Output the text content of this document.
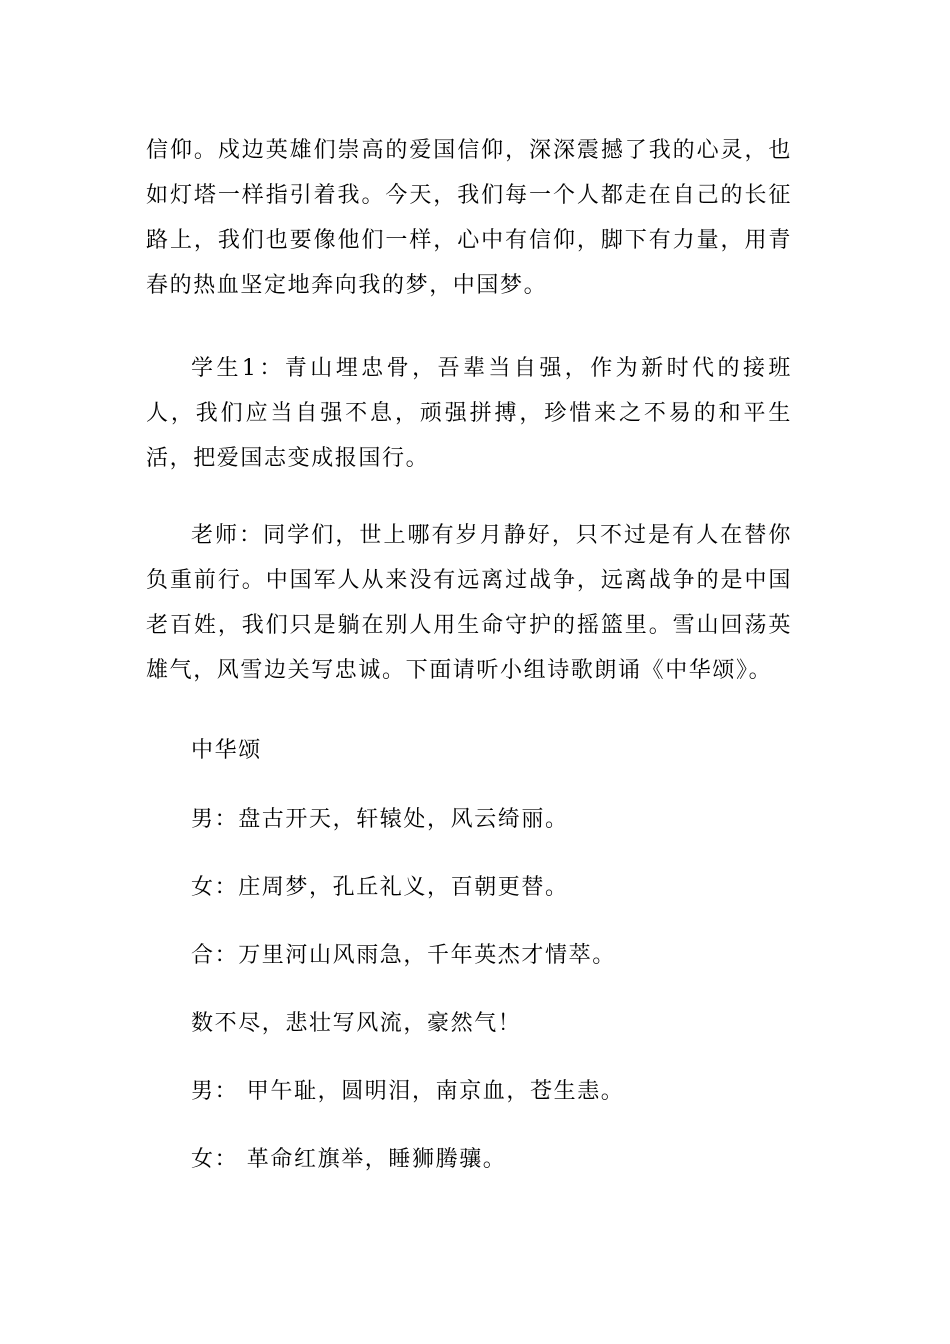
信仰。戍边英雄们崇高的爱国信仰，深深震撼了我的心灵，也如灯塔一样指引着我。今天，我们每一个人都走在自己的长征路上，我们也要像他们一样，心中有信仰，脚下有力量，用青春的热血坚定地奔向我的梦，中国梦。

学生1：青山埋忠骨，吾辈当自强，作为新时代的接班人，我们应当自强不息，顽强拼搏，珍惜来之不易的和平生活，把爱国志变成报国行。

老师：同学们，世上哪有岁月静好，只不过是有人在替你负重前行。中国军人从来没有远离过战争，远离战争的是中国老百姓，我们只是躺在别人用生命守护的摇篮里。雪山回荡英雄气，风雪边关写忠诚。下面请听小组诗歌朗诵《中华颂》。

中华颂

男：盘古开天，轩辕处，风云绮丽。

女：庄周梦，孔丘礼义，百朝更替。

合：万里河山风雨急，千年英杰才情萃。

数不尽，悲壮写风流，豪然气！

男： 甲午耻，圆明泪，南京血，苍生恚。

女： 革命红旗举，睡狮腾骧。
